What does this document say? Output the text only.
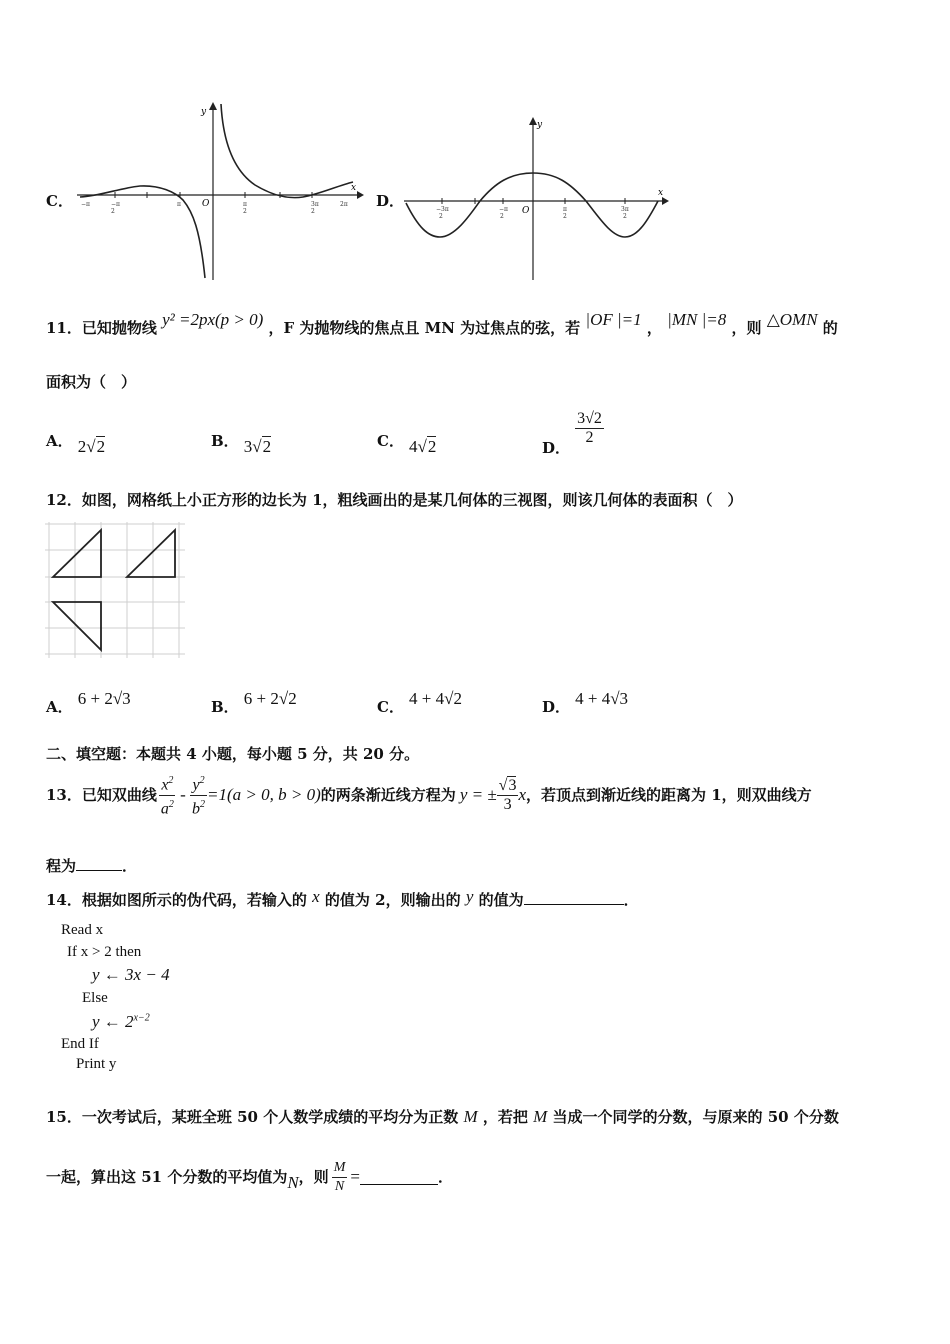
C．
y
x
O
−π	−π
2
π	π
2
3π
2
2π D．
y
x
O
−3π
2
−π
2
π
2
3π
2
11．已知抛物线 y² =2px(p > 0) ，F 为抛物线的焦点且 MN 为过焦点的弦，若 |OF |=1 ， |MN |=8 ，则 △OMN 的
面积为（　）
A． 2√2	B． 3√2	C． 4√2	D．
$\frac{3√2}{2}$
12．如图，网格纸上小正方形的边长为 1，粗线画出的是某几何体的三视图，则该几何体的表面积（　）
A． 6 + 2√3	B． 6 + 2√2	C． 4 + 4√2	D． 4 + 4√3
二、填空题：本题共 4 小题，每小题 5 分，共 20 分。
13．已知双曲线 $\frac{x^2}{a^2} - \frac{y^2}{b^2} =1(a > 0$, b > 0) 的两条渐近线方程为 y = ± $\frac{√3}{3}$ x ，若顶点到渐近线的距离为 1，则双曲线方
程为	．
14．根据如图所示的伪代码，若输入的 x 的值为 2，则输出的 y 的值为	．
Read x
If x > 2 then
y ← 3x − 4
Else
y ← $2^{x-2}$
End If
Print y
15．一次考试后，某班全班 50 个人数学成绩的平均分为正数 M ，若把 M 当成一个同学的分数，与原来的 50 个分数
一起，算出这 51 个分数的平均值为 N ，则 $\frac{M}{N}$ =	．
